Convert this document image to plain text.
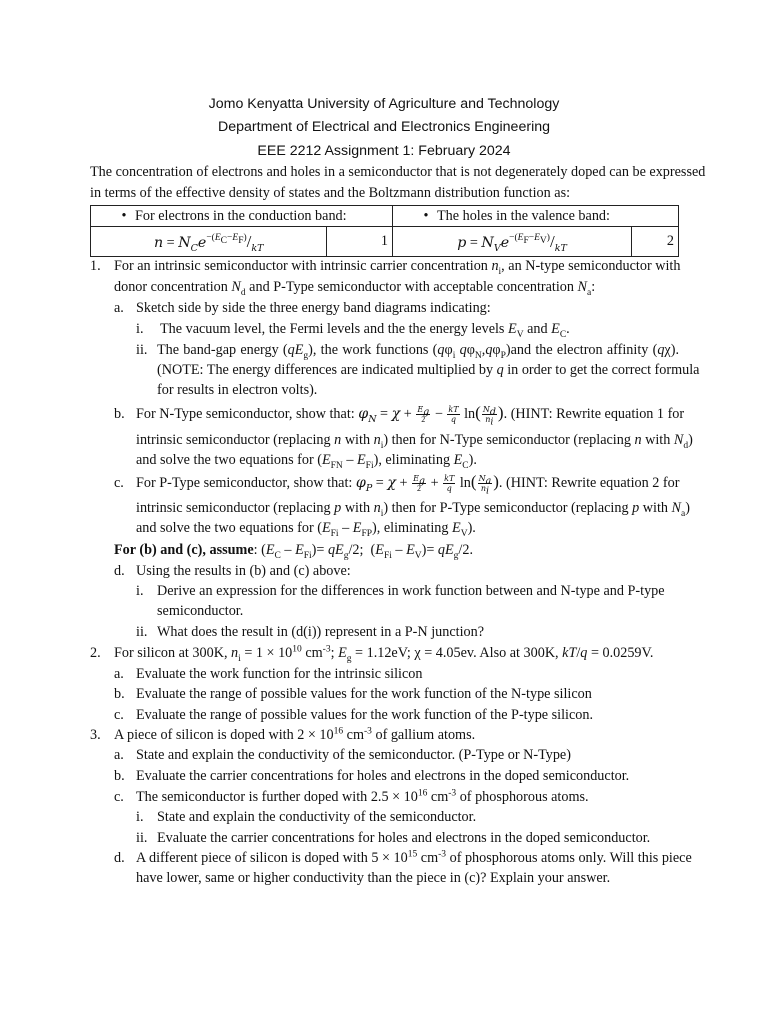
Jomo Kenyatta University of Agriculture and Technology
Department of Electrical and Electronics Engineering
EEE 2212 Assignment 1: February 2024
The concentration of electrons and holes in a semiconductor that is not degenerately doped can be expressed
in terms of the effective density of states and the Boltzmann distribution function as:
• For electrons in the conduction band:		• The holes in the valence band:	
$n = N_Ce^{-(E_C-E_F)}/_{kT}$	1	$p = N_Ve^{-(E_F-E_V)}/_{kT}$	2
1. For an intrinsic semiconductor with intrinsic carrier concentration $n_i$, an N-type semiconductor with
donor concentration $N_d$ and P-Type semiconductor with acceptable concentration $N_a$:
a. Sketch side by side the three energy band diagrams indicating:
i. The vacuum level, the Fermi levels and the the energy levels $E_V$ and $E_C$.
ii. The band-gap energy $(qE_g)$, the work functions ($q\varphi_i$ $q\varphi_N,q\varphi_P)and$ the electron affinity (qχ).
(NOTE: The energy differences are indicated multiplied by q in order to get the correct formula
for results in electron volts).
b. For N-Type semiconductor, show that: $\varphi_N = \chi + \frac{E_g}{2} - \frac{kT}{q} \ln( \frac{N_d}{n_i}$ ). (HINT: Rewrite equation 1 for
intrinsic semiconductor (replacing n with $n_i$) then for N-Type semiconductor (replacing n with $N_d$)
and solve the two equations for $(E_{FN} - E_{Fi})$, eliminating $E_C$).
c. For P-Type semiconductor, show that: $\varphi_P = \chi + \frac{E_g}{2} + \frac{kT}{q} \ln( \frac{N_a}{n_i}$ ). (HINT: Rewrite equation 2 for
intrinsic semiconductor (replacing p with $n_i$) then for P-Type semiconductor (replacing p with $N_a$)
and solve the two equations for $(E_{Fi} - E_{FP})$, eliminating $E_V$).
For (b) and (c), assume: $(E_C - E_{Fi})= qE_g/2$;  $(E_{Fi} - E_V)= qE_g/2$.
d. Using the results in (b) and (c) above:
i. Derive an expression for the differences in work function between and N-type and P-type
semiconductor.
ii. What does the result in (d(i)) represent in a P-N junction?
2. For silicon at 300K, $n_i = 1 \times 10^{10}$ $cm^{-3}$; $E_g = 1.12eV$; χ = 4.05ev. Also at 300K, kT/q = 0.0259V.
a. Evaluate the work function for the intrinsic silicon
b. Evaluate the range of possible values for the work function of the N-type silicon
c. Evaluate the range of possible values for the work function of the P-type silicon.
3. A piece of silicon is doped with $2 \times 10^{16}$ $cm^{-3}$ of gallium atoms.
a. State and explain the conductivity of the semiconductor. (P-Type or N-Type)
b. Evaluate the carrier concentrations for holes and electrons in the doped semiconductor.
c. The semiconductor is further doped with $2.5 \times 10^{16}$ $cm^{-3}$ of phosphorous atoms.
i. State and explain the conductivity of the semiconductor.
ii. Evaluate the carrier concentrations for holes and electrons in the doped semiconductor.
d. A different piece of silicon is doped with $5 \times 10^{15}$ $cm^{-3}$ of phosphorous atoms only. Will this piece
have lower, same or higher conductivity than the piece in (c)? Explain your answer.
